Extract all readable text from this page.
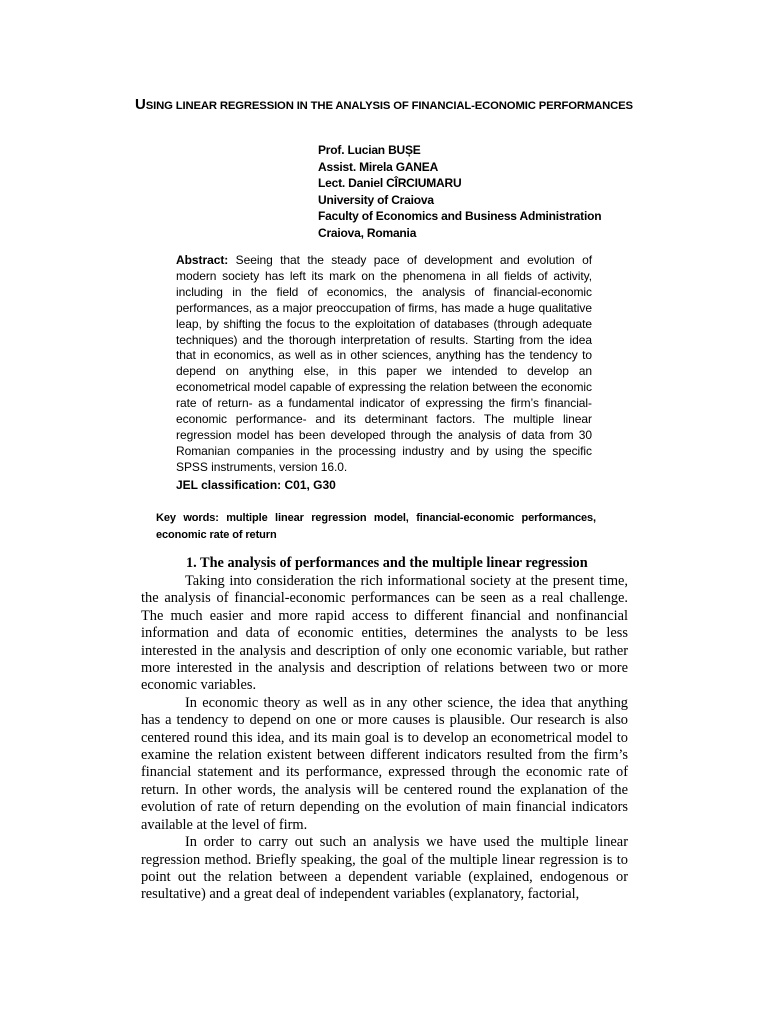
USING LINEAR REGRESSION IN THE ANALYSIS OF FINANCIAL-ECONOMIC PERFORMANCES
Prof. Lucian BUȘE
Assist. Mirela GANEA
Lect. Daniel CÎRCIUMARU
University of Craiova
Faculty of Economics and Business Administration
Craiova, Romania
Abstract: Seeing that the steady pace of development and evolution of modern society has left its mark on the phenomena in all fields of activity, including in the field of economics, the analysis of financial-economic performances, as a major preoccupation of firms, has made a huge qualitative leap, by shifting the focus to the exploitation of databases (through adequate techniques) and the thorough interpretation of results. Starting from the idea that in economics, as well as in other sciences, anything has the tendency to depend on anything else, in this paper we intended to develop an econometrical model capable of expressing the relation between the economic rate of return- as a fundamental indicator of expressing the firm’s financial-economic performance- and its determinant factors. The multiple linear regression model has been developed through the analysis of data from 30 Romanian companies in the processing industry and by using the specific SPSS instruments, version 16.0.
JEL classification: C01, G30
Key words: multiple linear regression model, financial-economic performances, economic rate of return
1. The analysis of performances and the multiple linear regression

Taking into consideration the rich informational society at the present time, the analysis of financial-economic performances can be seen as a real challenge. The much easier and more rapid access to different financial and nonfinancial information and data of economic entities, determines the analysts to be less interested in the analysis and description of only one economic variable, but rather more interested in the analysis and description of relations between two or more economic variables.

In economic theory as well as in any other science, the idea that anything has a tendency to depend on one or more causes is plausible. Our research is also centered round this idea, and its main goal is to develop an econometrical model to examine the relation existent between different indicators resulted from the firm’s financial statement and its performance, expressed through the economic rate of return. In other words, the analysis will be centered round the explanation of the evolution of rate of return depending on the evolution of main financial indicators available at the level of firm.

In order to carry out such an analysis we have used the multiple linear regression method. Briefly speaking, the goal of the multiple linear regression is to point out the relation between a dependent variable (explained, endogenous or resultative) and a great deal of independent variables (explanatory, factorial,
